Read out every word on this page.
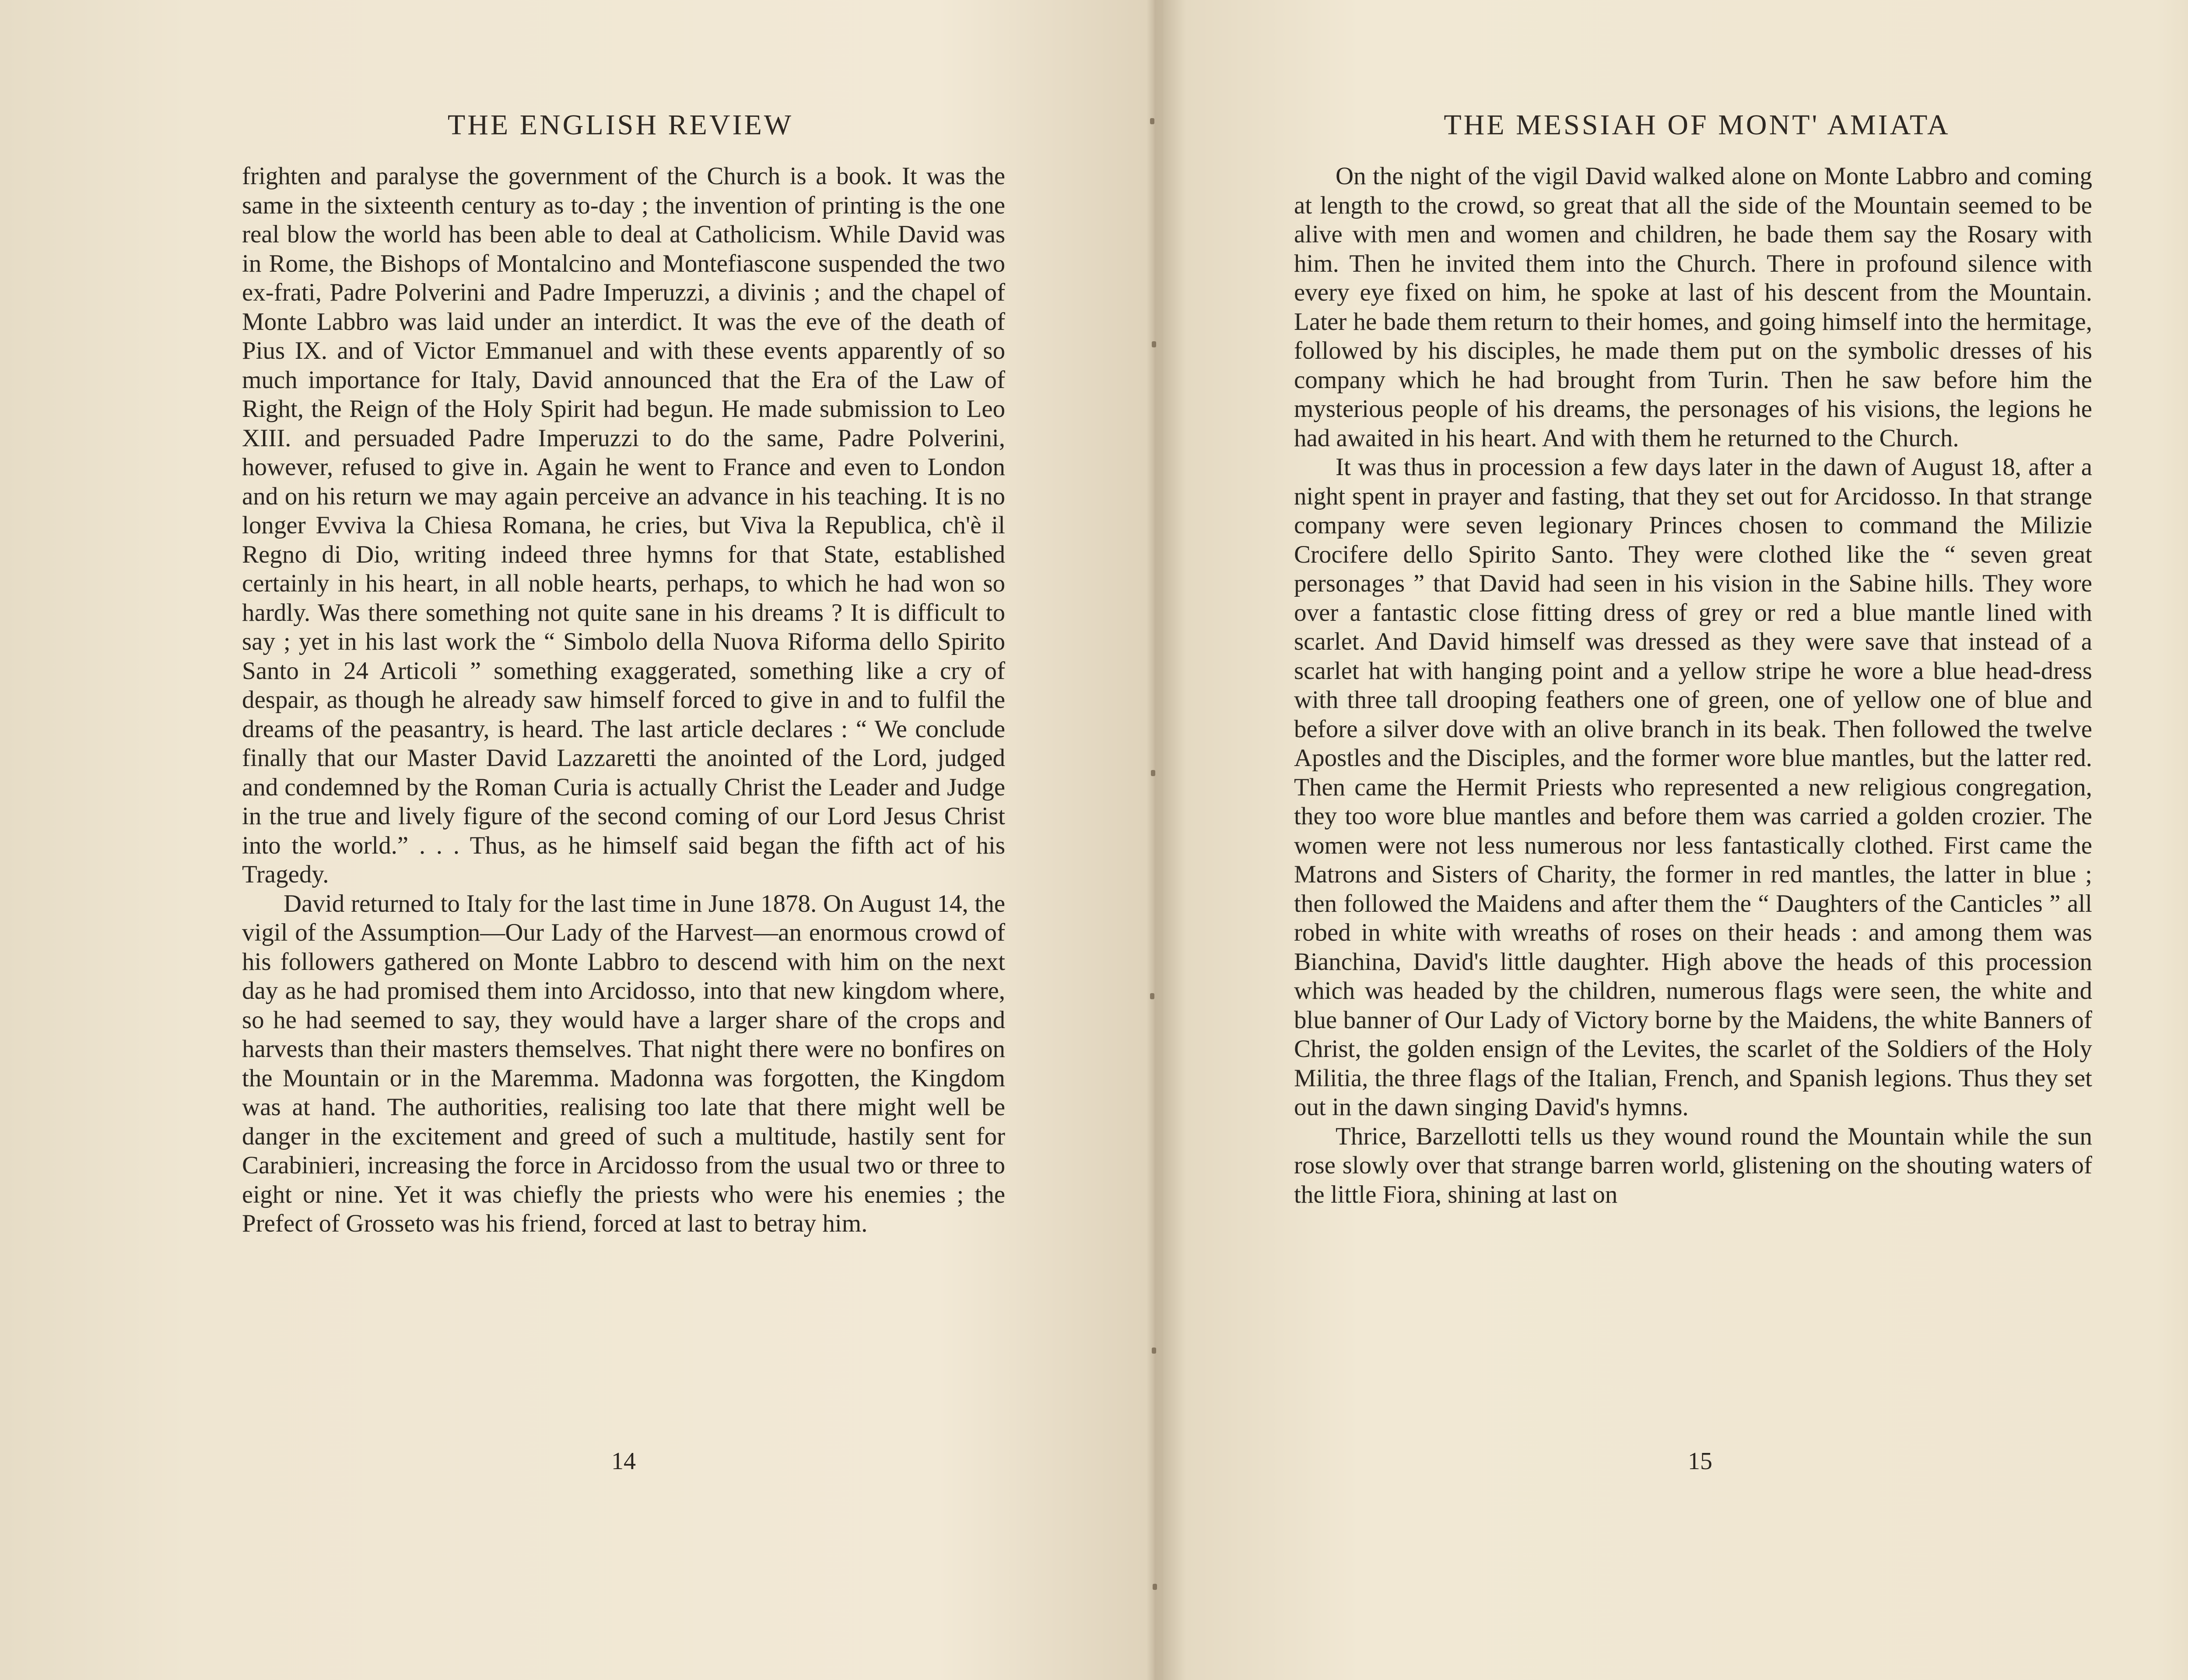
THE ENGLISH REVIEW

frighten and paralyse the government of the Church is a book. It was the same in the sixteenth century as to-day ; the invention of printing is the one real blow the world has been able to deal at Catholicism. While David was in Rome, the Bishops of Montalcino and Montefiascone suspended the two ex-frati, Padre Polverini and Padre Imperuzzi, a divinis ; and the chapel of Monte Labbro was laid under an interdict. It was the eve of the death of Pius IX. and of Victor Emmanuel and with these events apparently of so much importance for Italy, David announced that the Era of the Law of Right, the Reign of the Holy Spirit had begun. He made submission to Leo XIII. and persuaded Padre Imperuzzi to do the same, Padre Polverini, however, refused to give in. Again he went to France and even to London and on his return we may again perceive an advance in his teaching. It is no longer Evviva la Chiesa Romana, he cries, but Viva la Republica, ch'è il Regno di Dio, writing indeed three hymns for that State, established certainly in his heart, in all noble hearts, perhaps, to which he had won so hardly. Was there something not quite sane in his dreams ? It is difficult to say ; yet in his last work the “ Simbolo della Nuova Riforma dello Spirito Santo in 24 Articoli ” something exaggerated, something like a cry of despair, as though he already saw himself forced to give in and to fulfil the dreams of the peasantry, is heard. The last article declares : “ We conclude finally that our Master David Lazzaretti the anointed of the Lord, judged and condemned by the Roman Curia is actually Christ the Leader and Judge in the true and lively figure of the second coming of our Lord Jesus Christ into the world.” . . . Thus, as he himself said began the fifth act of his Tragedy.

David returned to Italy for the last time in June 1878. On August 14, the vigil of the Assumption—Our Lady of the Harvest—an enormous crowd of his followers gathered on Monte Labbro to descend with him on the next day as he had promised them into Arcidosso, into that new kingdom where, so he had seemed to say, they would have a larger share of the crops and harvests than their masters themselves. That night there were no bonfires on the Mountain or in the Maremma. Madonna was forgotten, the Kingdom was at hand. The authorities, realising too late that there might well be danger in the excitement and greed of such a multitude, hastily sent for Carabinieri, increasing the force in Arcidosso from the usual two or three to eight or nine. Yet it was chiefly the priests who were his enemies ; the Prefect of Grosseto was his friend, forced at last to betray him.

14
THE MESSIAH OF MONT' AMIATA

On the night of the vigil David walked alone on Monte Labbro and coming at length to the crowd, so great that all the side of the Mountain seemed to be alive with men and women and children, he bade them say the Rosary with him. Then he invited them into the Church. There in profound silence with every eye fixed on him, he spoke at last of his descent from the Mountain. Later he bade them return to their homes, and going himself into the hermitage, followed by his disciples, he made them put on the symbolic dresses of his company which he had brought from Turin. Then he saw before him the mysterious people of his dreams, the personages of his visions, the legions he had awaited in his heart. And with them he returned to the Church.

It was thus in procession a few days later in the dawn of August 18, after a night spent in prayer and fasting, that they set out for Arcidosso. In that strange company were seven legionary Princes chosen to command the Milizie Crocifere dello Spirito Santo. They were clothed like the “ seven great personages ” that David had seen in his vision in the Sabine hills. They wore over a fantastic close fitting dress of grey or red a blue mantle lined with scarlet. And David himself was dressed as they were save that instead of a scarlet hat with hanging point and a yellow stripe he wore a blue head-dress with three tall drooping feathers one of green, one of yellow one of blue and before a silver dove with an olive branch in its beak. Then followed the twelve Apostles and the Disciples, and the former wore blue mantles, but the latter red. Then came the Hermit Priests who represented a new religious congregation, they too wore blue mantles and before them was carried a golden crozier. The women were not less numerous nor less fantastically clothed. First came the Matrons and Sisters of Charity, the former in red mantles, the latter in blue ; then followed the Maidens and after them the “ Daughters of the Canticles ” all robed in white with wreaths of roses on their heads : and among them was Bianchina, David's little daughter. High above the heads of this procession which was headed by the children, numerous flags were seen, the white and blue banner of Our Lady of Victory borne by the Maidens, the white Banners of Christ, the golden ensign of the Levites, the scarlet of the Soldiers of the Holy Militia, the three flags of the Italian, French, and Spanish legions. Thus they set out in the dawn singing David's hymns.

Thrice, Barzellotti tells us they wound round the Mountain while the sun rose slowly over that strange barren world, glistening on the shouting waters of the little Fiora, shining at last on

15
